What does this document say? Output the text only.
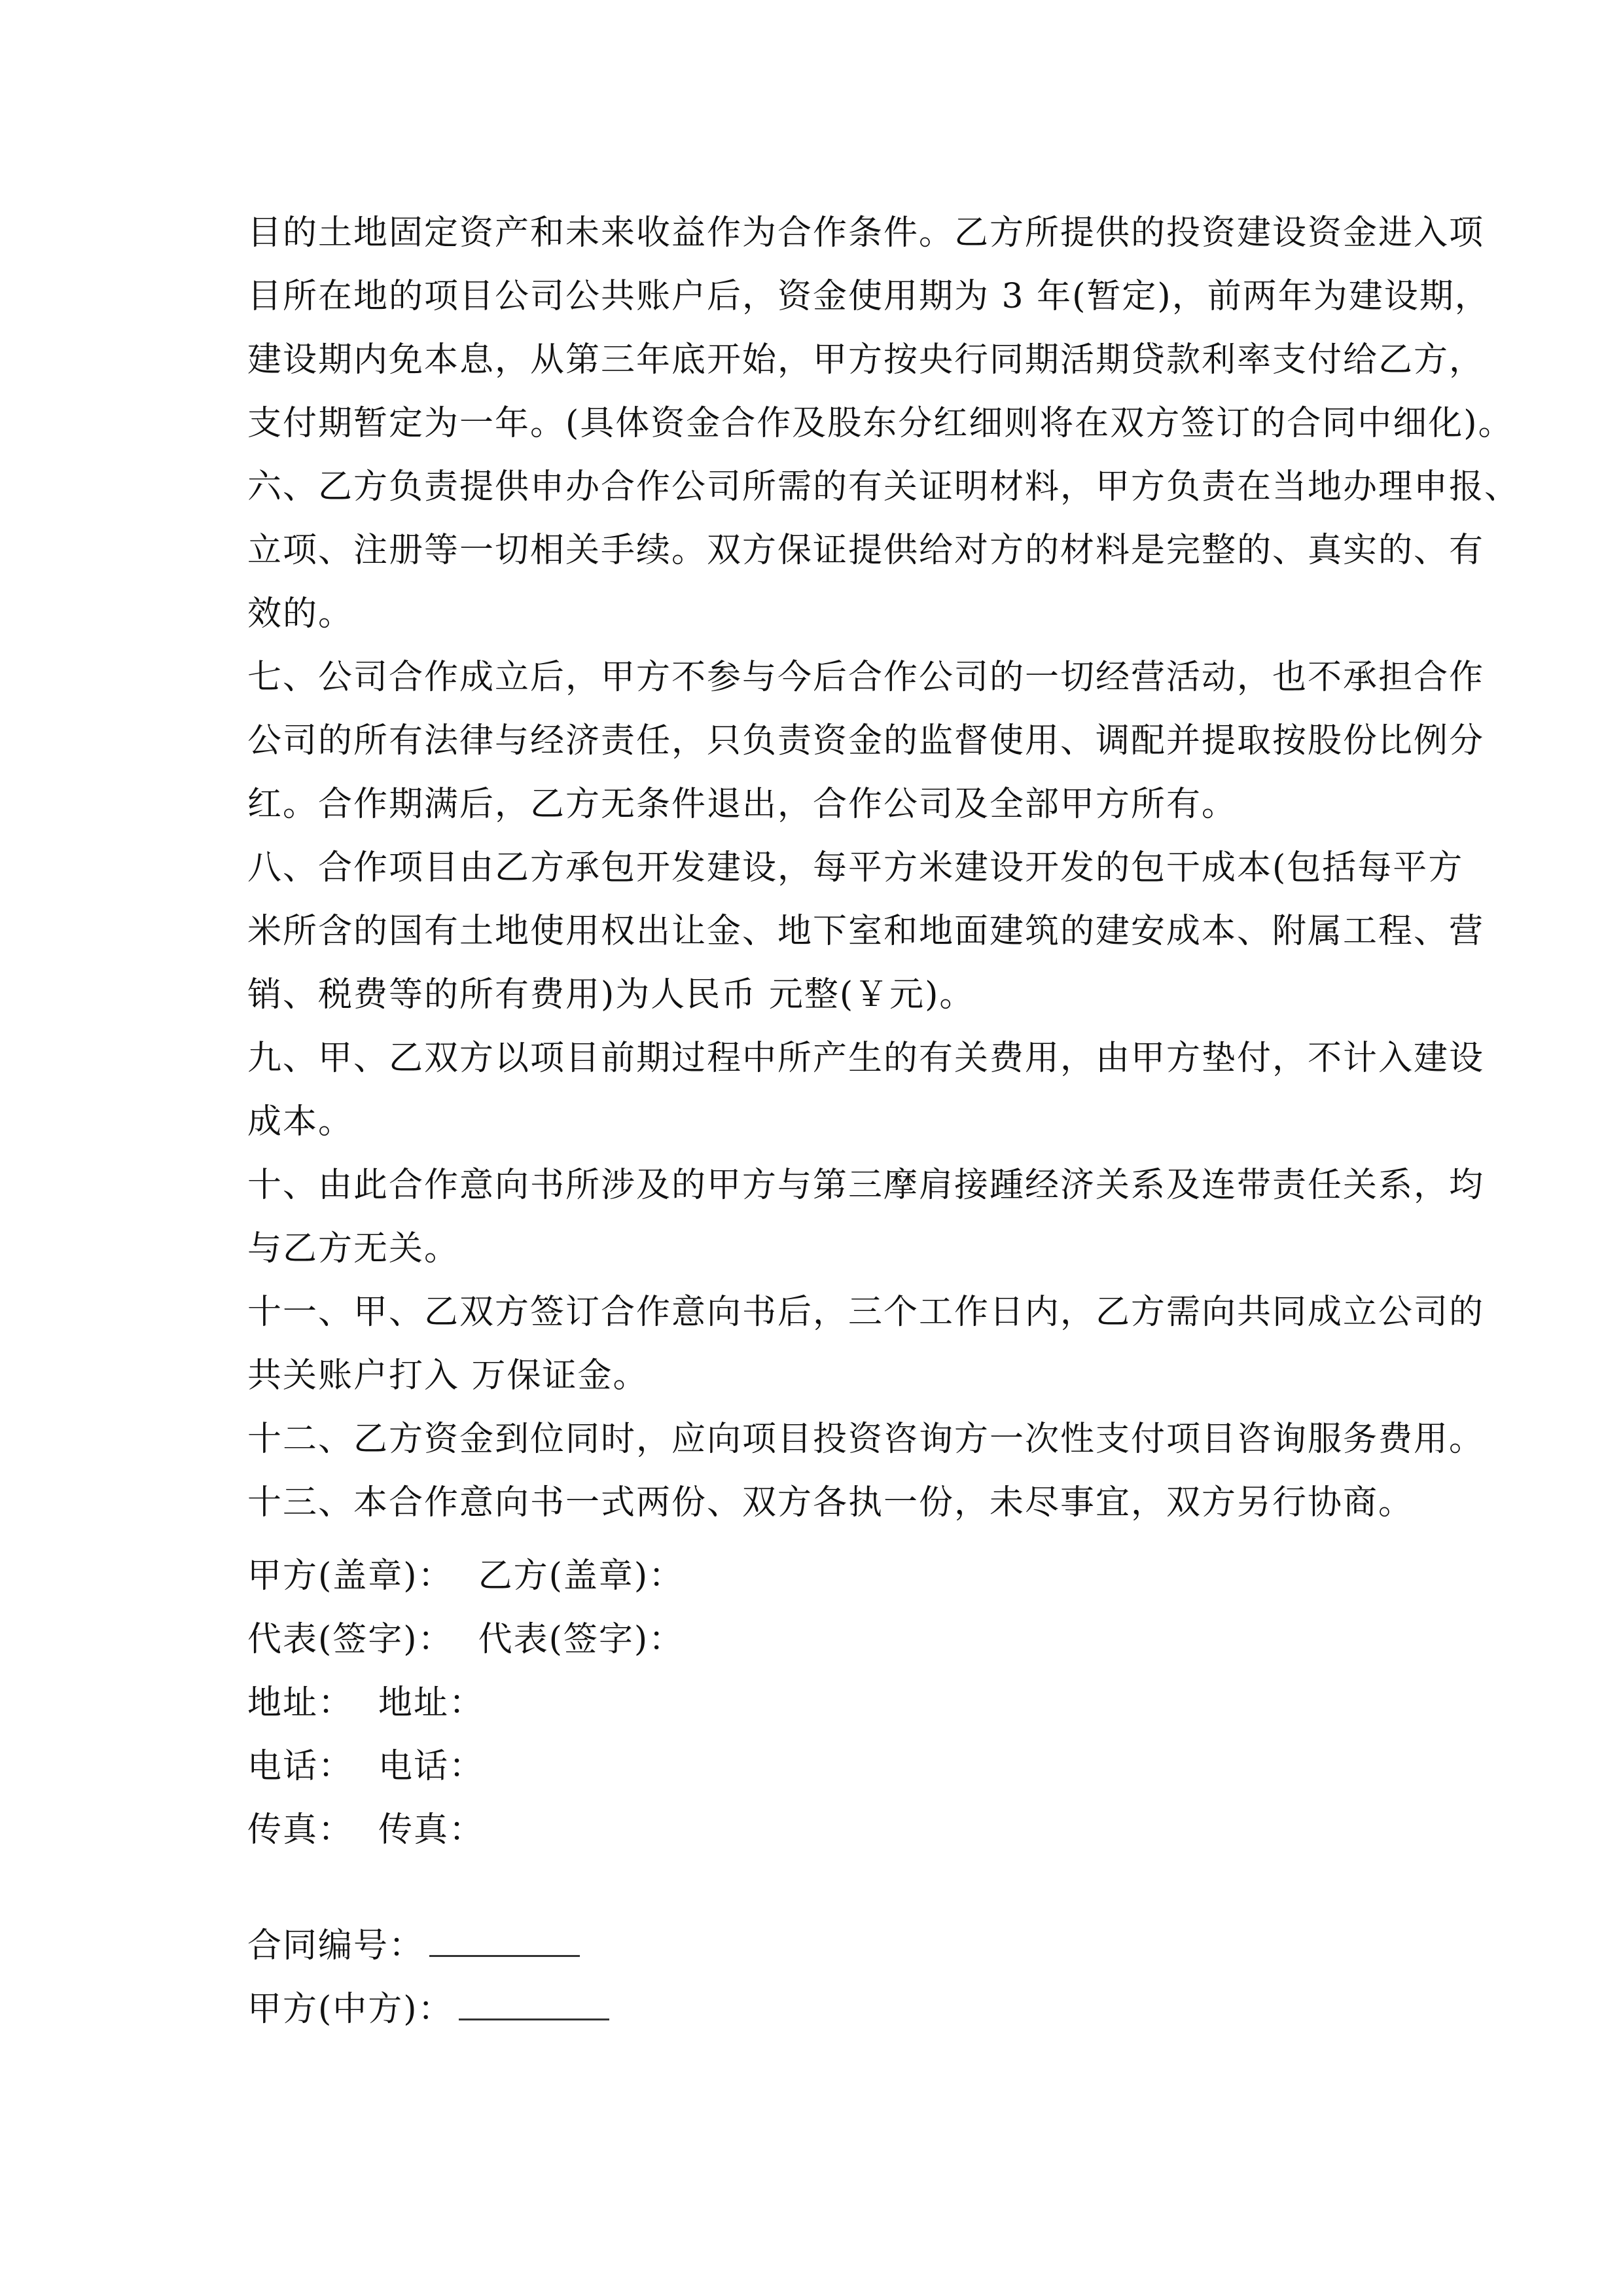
目的土地固定资产和未来收益作为合作条件。乙方所提供的投资建设资金进入项
目所在地的项目公司公共账户后，资金使用期为 3 年(暂定)，前两年为建设期，
建设期内免本息，从第三年底开始，甲方按央行同期活期贷款利率支付给乙方，
支付期暂定为一年。(具体资金合作及股东分红细则将在双方签订的合同中细化)。
六、乙方负责提供申办合作公司所需的有关证明材料，甲方负责在当地办理申报、
立项、注册等一切相关手续。双方保证提供给对方的材料是完整的、真实的、有
效的。
七、公司合作成立后，甲方不参与今后合作公司的一切经营活动，也不承担合作
公司的所有法律与经济责任，只负责资金的监督使用、调配并提取按股份比例分
红。合作期满后，乙方无条件退出，合作公司及全部甲方所有。
八、合作项目由乙方承包开发建设，每平方米建设开发的包干成本(包括每平方
米所含的国有土地使用权出让金、地下室和地面建筑的建安成本、附属工程、营
销、税费等的所有费用)为人民币 元整(￥元)。
九、甲、乙双方以项目前期过程中所产生的有关费用，由甲方垫付，不计入建设
成本。
十、由此合作意向书所涉及的甲方与第三摩肩接踵经济关系及连带责任关系，均
与乙方无关。
十一、甲、乙双方签订合作意向书后，三个工作日内，乙方需向共同成立公司的
共关账户打入 万保证金。
十二、乙方资金到位同时，应向项目投资咨询方一次性支付项目咨询服务费用。
十三、本合作意向书一式两份、双方各执一份，未尽事宜，双方另行协商。
甲方(盖章)： 乙方(盖章)：
代表(签字)： 代表(签字)：
地址： 地址：
电话： 电话：
传真： 传真：
合同编号：
甲方(中方)：
